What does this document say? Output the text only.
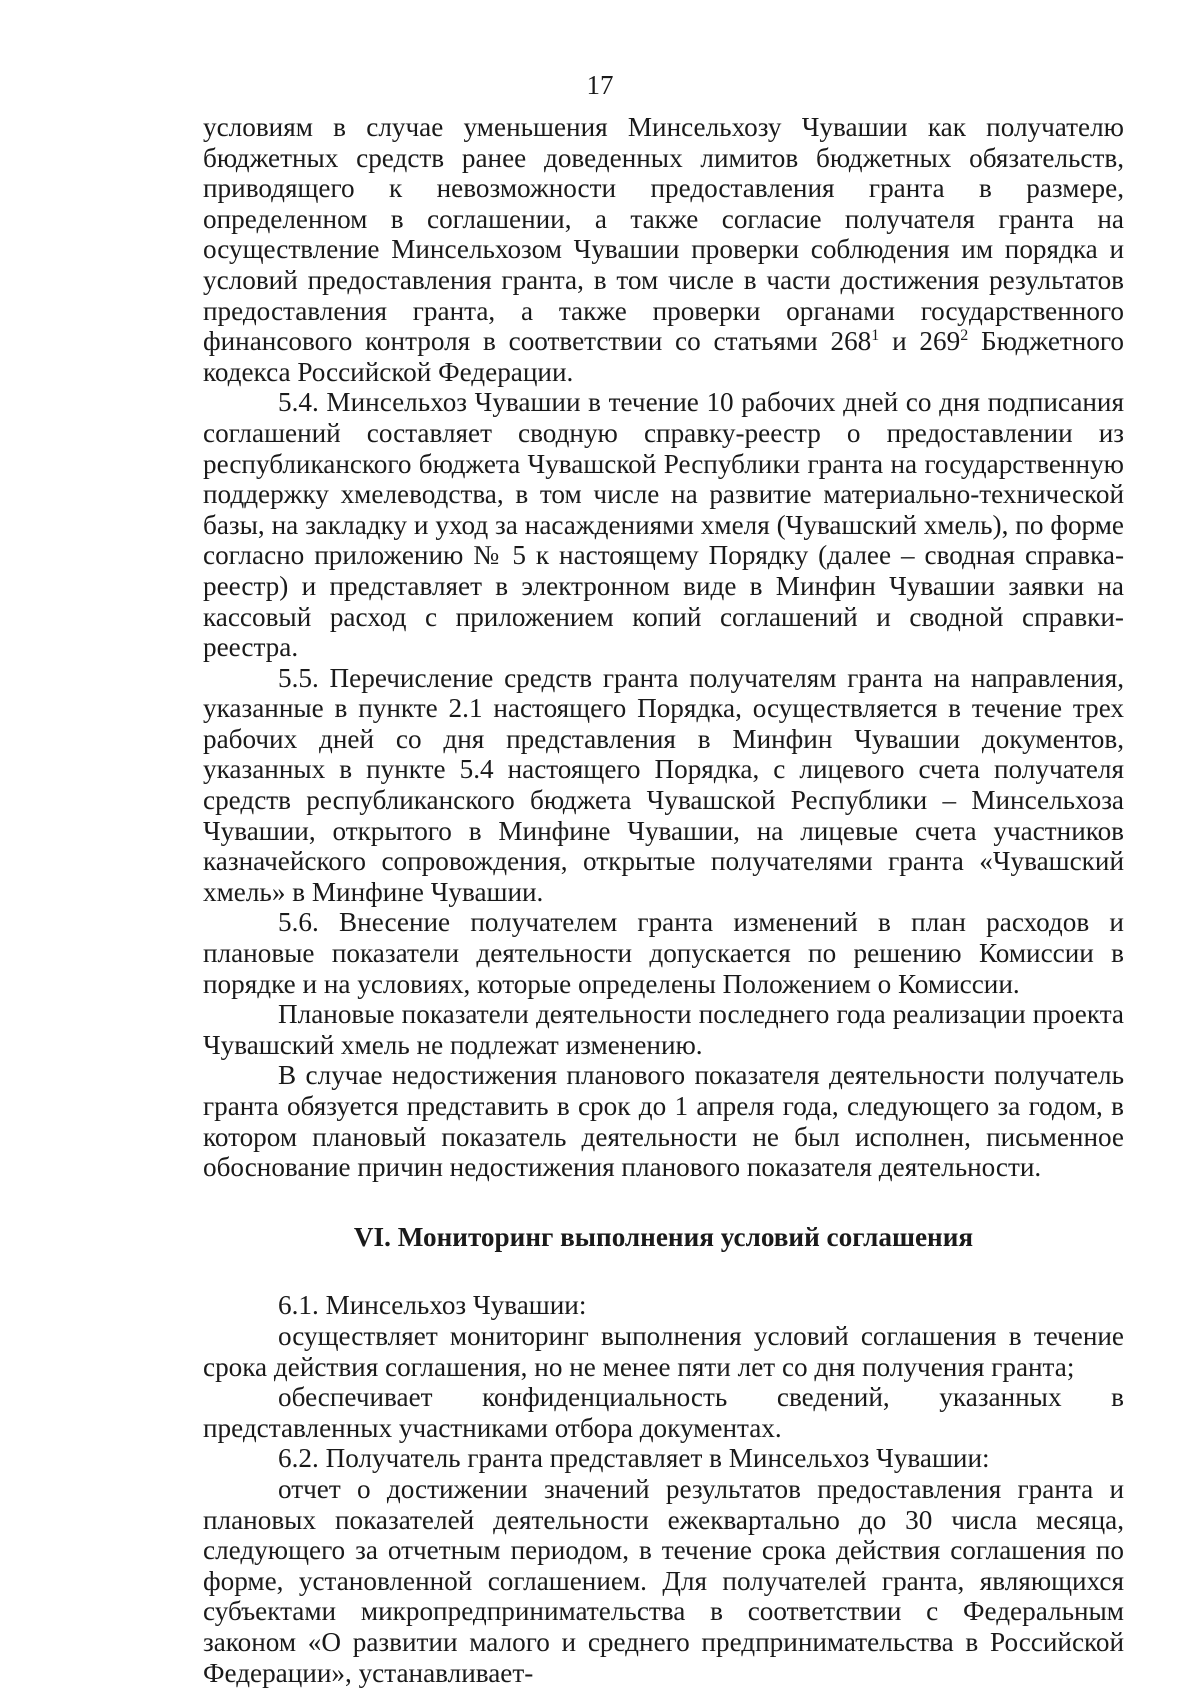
17

условиям в случае уменьшения Минсельхозу Чувашии как получателю бюджетных средств ранее доведенных лимитов бюджетных обязательств, приводящего к невозможности предоставления гранта в размере, определенном в соглашении, а также согласие получателя гранта на осуществление Минсельхозом Чувашии проверки соблюдения им порядка и условий предоставления гранта, в том числе в части достижения результатов предоставления гранта, а также проверки органами государственного финансового контроля в соответствии со статьями $268^1$ и $269^2$ Бюджетного кодекса Российской Федерации.

5.4. Минсельхоз Чувашии в течение 10 рабочих дней со дня подписания соглашений составляет сводную справку-реестр о предоставлении из республиканского бюджета Чувашской Республики гранта на государственную поддержку хмелеводства, в том числе на развитие материально-технической базы, на закладку и уход за насаждениями хмеля (Чувашский хмель), по форме согласно приложению № 5 к настоящему Порядку (далее – сводная справка-реестр) и представляет в электронном виде в Минфин Чувашии заявки на кассовый расход с приложением копий соглашений и сводной справки-реестра.

5.5. Перечисление средств гранта получателям гранта на направления, указанные в пункте 2.1 настоящего Порядка, осуществляется в течение трех рабочих дней со дня представления в Минфин Чувашии документов, указанных в пункте 5.4 настоящего Порядка, с лицевого счета получателя средств республиканского бюджета Чувашской Республики – Минсельхоза Чувашии, открытого в Минфине Чувашии, на лицевые счета участников казначейского сопровождения, открытые получателями гранта «Чувашский хмель» в Минфине Чувашии.

5.6. Внесение получателем гранта изменений в план расходов и плановые показатели деятельности допускается по решению Комиссии в порядке и на условиях, которые определены Положением о Комиссии.

Плановые показатели деятельности последнего года реализации проекта Чувашский хмель не подлежат изменению.

В случае недостижения планового показателя деятельности получатель гранта обязуется представить в срок до 1 апреля года, следующего за годом, в котором плановый показатель деятельности не был исполнен, письменное обоснование причин недостижения планового показателя деятельности.

VI. Мониторинг выполнения условий соглашения

6.1. Минсельхоз Чувашии:

осуществляет мониторинг выполнения условий соглашения в течение срока действия соглашения, но не менее пяти лет со дня получения гранта;

обеспечивает конфиденциальность сведений, указанных в представленных участниками отбора документах.

6.2. Получатель гранта представляет в Минсельхоз Чувашии:

отчет о достижении значений результатов предоставления гранта и плановых показателей деятельности ежеквартально до 30 числа месяца, следующего за отчетным периодом, в течение срока действия соглашения по форме, установленной соглашением. Для получателей гранта, являющихся субъектами микропредпринимательства в соответствии с Федеральным законом «О развитии малого и среднего предпринимательства в Российской Федерации», устанавливает-
